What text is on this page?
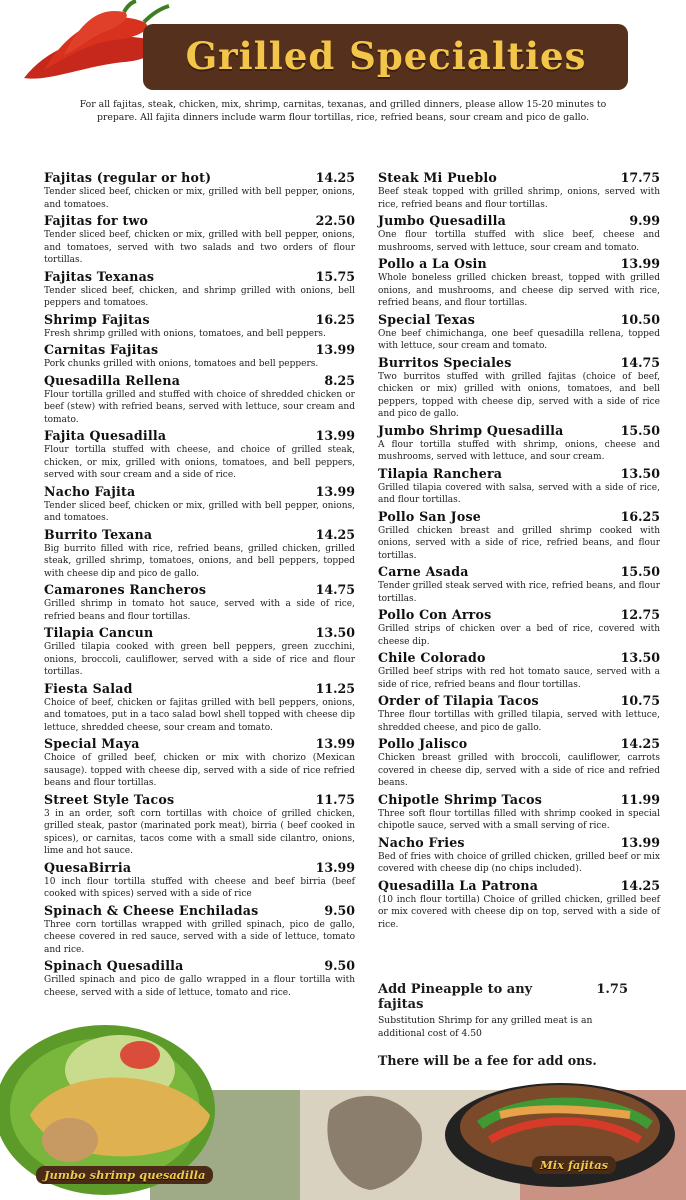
Grilled Specialties
For all fajitas, steak, chicken, mix, shrimp, carnitas, texanas, and grilled dinners, please allow 15-20 minutes to prepare. All fajita dinners include warm flour tortillas, rice, refried beans, sour cream and pico de gallo.
Fajitas (regular or hot)	14.25
Tender sliced beef, chicken or mix, grilled with bell pepper, onions, and tomatoes.
Fajitas for two	22.50
Tender sliced beef, chicken or mix, grilled with bell pepper, onions, and tomatoes, served with two salads and two orders of flour tortillas.
Fajitas Texanas	15.75
Tender sliced beef, chicken, and shrimp grilled with onions, bell peppers and tomatoes.
Shrimp Fajitas	16.25
Fresh shrimp grilled with onions, tomatoes, and bell peppers.
Carnitas Fajitas	13.99
Pork chunks grilled with onions, tomatoes and bell peppers.
Quesadilla Rellena	8.25
Flour tortilla grilled and stuffed with choice of shredded chicken or beef (stew) with refried beans, served with lettuce, sour cream and tomato.
Fajita Quesadilla	13.99
Flour tortilla stuffed with cheese, and choice of grilled steak, chicken, or mix, grilled with onions, tomatoes, and bell peppers, served with sour cream and a side of rice.
Nacho Fajita	13.99
Tender sliced beef, chicken or mix, grilled with bell pepper, onions, and tomatoes.
Burrito Texana	14.25
Big burrito filled with rice, refried beans, grilled chicken, grilled steak, grilled shrimp, tomatoes, onions, and bell peppers, topped with cheese dip and pico de gallo.
Camarones Rancheros	14.75
Grilled shrimp in tomato hot sauce, served with a side of rice, refried beans and flour tortillas.
Tilapia Cancun	13.50
Grilled tilapia cooked with green bell peppers, green zucchini, onions, broccoli, cauliflower, served with a side of rice and flour tortillas.
Fiesta Salad	11.25
Choice of beef, chicken or fajitas grilled with bell peppers, onions, and tomatoes, put in a taco salad bowl shell topped with cheese dip lettuce, shredded cheese, sour cream and tomato.
Special Maya	13.99
Choice of grilled beef, chicken or mix with chorizo (Mexican sausage). topped with cheese dip, served with a side of rice refried beans and flour tortillas.
Street Style Tacos	11.75
3 in an order, soft corn tortillas with choice of grilled chicken, grilled steak, pastor (marinated pork meat), birria ( beef cooked in spices), or carnitas, tacos come with a small side cilantro, onions, lime and hot sauce.
QuesaBirria	13.99
10 inch flour tortilla stuffed with cheese and beef birria (beef cooked with spices) served with a side of rice
Spinach & Cheese Enchiladas	9.50
Three corn tortillas wrapped with grilled spinach, pico de gallo, cheese covered in red sauce, served with a side of lettuce, tomato and rice.
Spinach Quesadilla	9.50
Grilled spinach and pico de gallo wrapped in a flour tortilla with cheese, served with a side of lettuce, tomato and rice.
Steak Mi Pueblo	17.75
Beef steak topped with grilled shrimp, onions, served with rice, refried beans and flour tortillas.
Jumbo Quesadilla	9.99
One flour tortilla stuffed with slice beef, cheese and mushrooms, served with lettuce, sour cream and tomato.
Pollo a La Osin	13.99
Whole boneless grilled chicken breast, topped with grilled onions, and mushrooms, and cheese dip served with rice, refried beans, and flour tortillas.
Special Texas	10.50
One beef chimichanga, one beef quesadilla rellena, topped with lettuce, sour cream and tomato.
Burritos Speciales	14.75
Two burritos stuffed with grilled fajitas (choice of beef, chicken or mix) grilled with onions, tomatoes, and bell peppers, topped with cheese dip, served with a side of rice and pico de gallo.
Jumbo Shrimp Quesadilla	15.50
A flour tortilla stuffed with shrimp, onions, cheese and mushrooms, served with lettuce, and sour cream.
Tilapia Ranchera	13.50
Grilled tilapia covered with salsa, served with a side of rice, and flour tortillas.
Pollo San Jose	16.25
Grilled chicken breast and grilled shrimp cooked with onions, served with a side of rice, refried beans, and flour tortillas.
Carne Asada	15.50
Tender grilled steak served with rice, refried beans, and flour tortillas.
Pollo Con Arros	12.75
Grilled strips of chicken over a bed of rice, covered with cheese dip.
Chile Colorado	13.50
Grilled beef strips with red hot tomato sauce, served with a side of rice, refried beans and flour tortillas.
Order of Tilapia Tacos	10.75
Three flour tortillas with grilled tilapia, served with lettuce, shredded cheese, and pico de gallo.
Pollo Jalisco	14.25
Chicken breast grilled with broccoli, cauliflower, carrots covered in cheese dip, served with a side of rice and refried beans.
Chipotle Shrimp Tacos	11.99
Three soft flour tortillas filled with shrimp cooked in special chipotle sauce, served with a small serving of rice.
Nacho Fries	13.99
Bed of fries with choice of grilled chicken, grilled beef or mix covered with cheese dip (no chips included).
Quesadilla La Patrona	14.25
(10 inch flour tortilla) Choice of grilled chicken, grilled beef or mix covered with cheese dip on top, served with a side of rice.
Add Pineapple to any fajitas
1.75
Substitution Shrimp for any grilled meat is an additional cost of 4.50
There will be a fee for add ons.
Jumbo shrimp quesadilla
Mix fajitas
